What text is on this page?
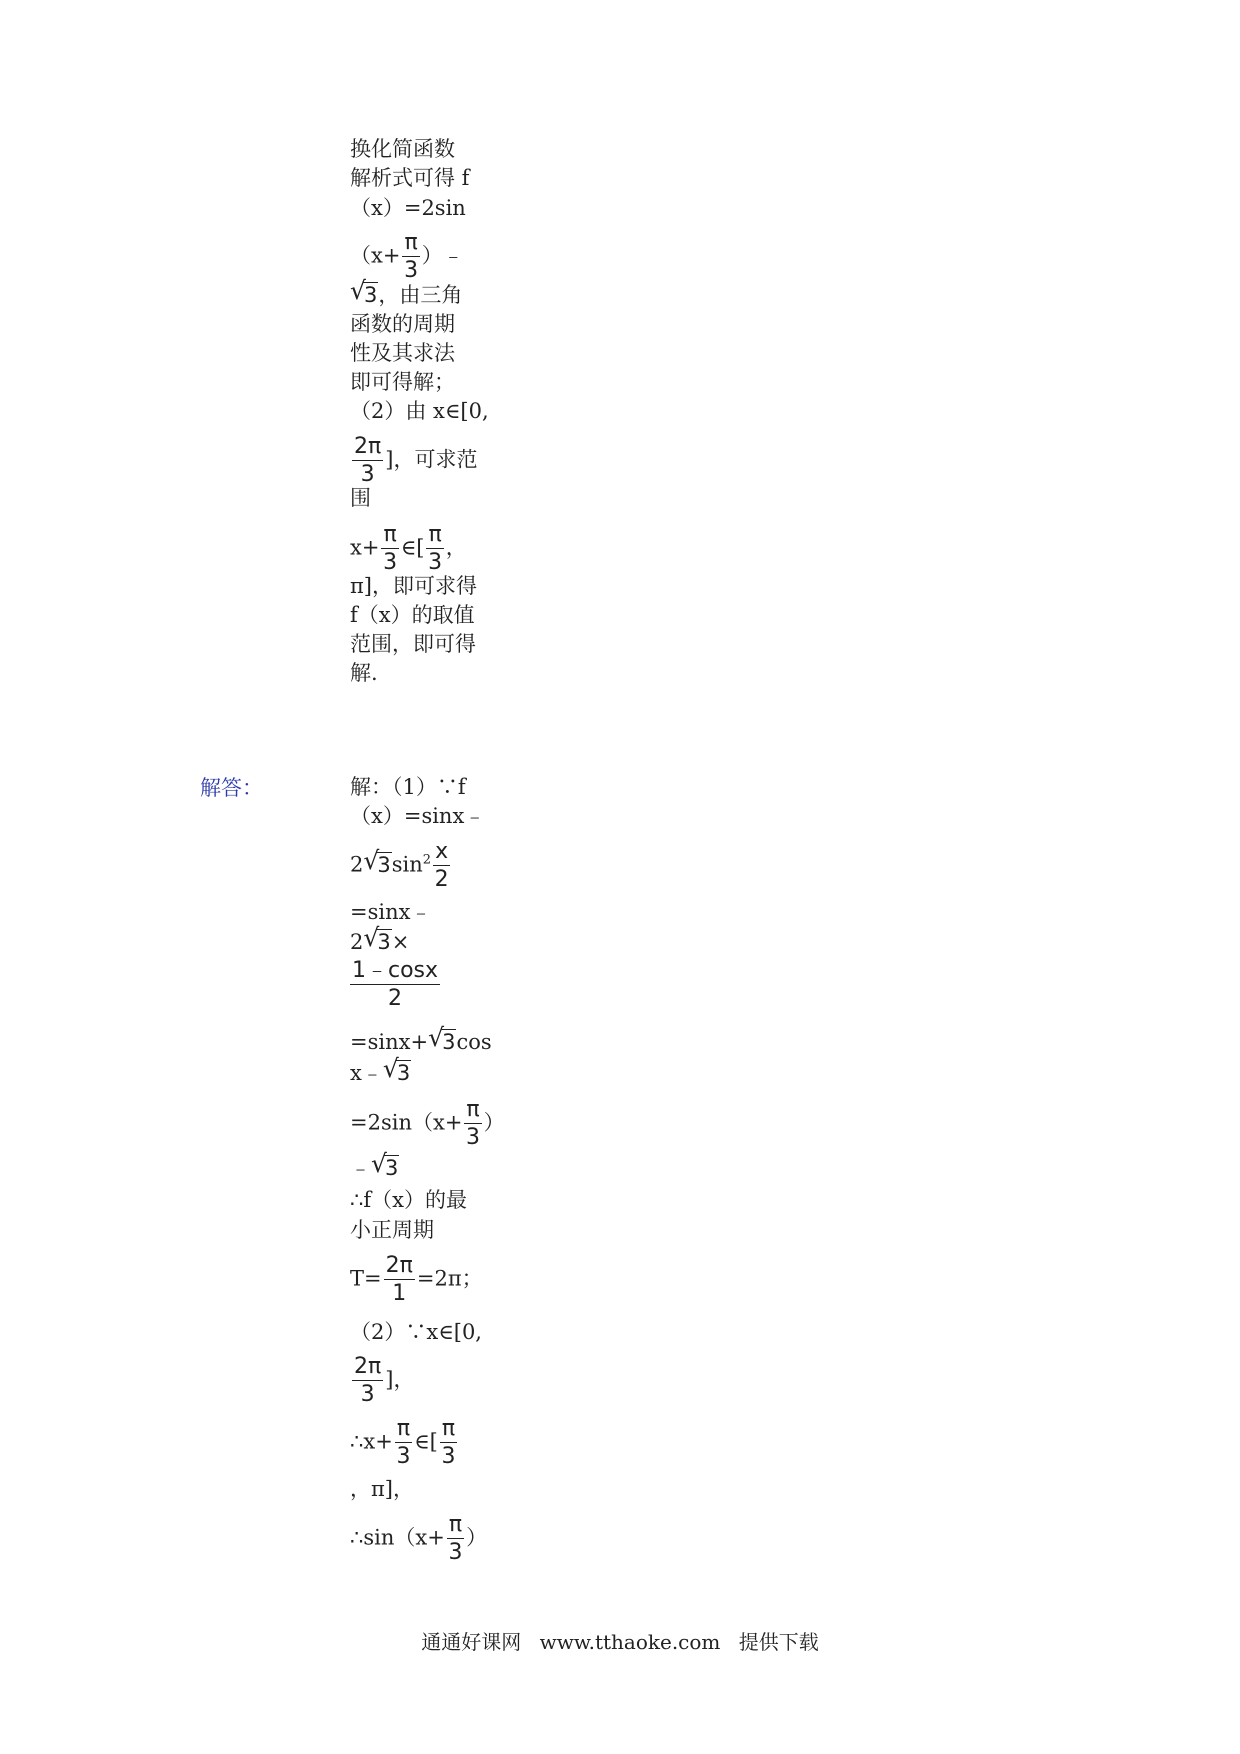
解答：
换化简函数
解析式可得 f
（x）=2sin
（$x+ \frac{\pi}{3}$ ）﹣
√
3，由三角
函数的周期
性及其求法
即可得解；
（2）由 x∈[0,
$\frac{2\pi}{3}$ ]，可求范
围
$x+ \frac{\pi}{3}$ ∈[ $\frac{\pi}{3}$ ，
π]，即可求得
f（x）的取值
范围，即可得
解.
解：（1）∵f
（x）=sinx﹣
2 √
$3\sin^2 \frac{x}{2}$
=sinx﹣
2 √
3×
$\frac{1﹣\cos x}{2}$
=sinx+ √
3cos
x﹣ √
3
$=2\sin(x+ \frac{\pi}{3}$ ）
﹣ √
3
∴f（x）的最
小正周期
$T= \frac{2\pi}{1} =2\pi$；
（2）∵x∈[0,
$\frac{2\pi}{3}$ ]，
∴x+ $\frac{\pi}{3}$ ∈[ $\frac{\pi}{3}$
，π]，
∴sin（x+ $\frac{\pi}{3}$ ）
通通好课网 www.tthaoke.com 提供下载
